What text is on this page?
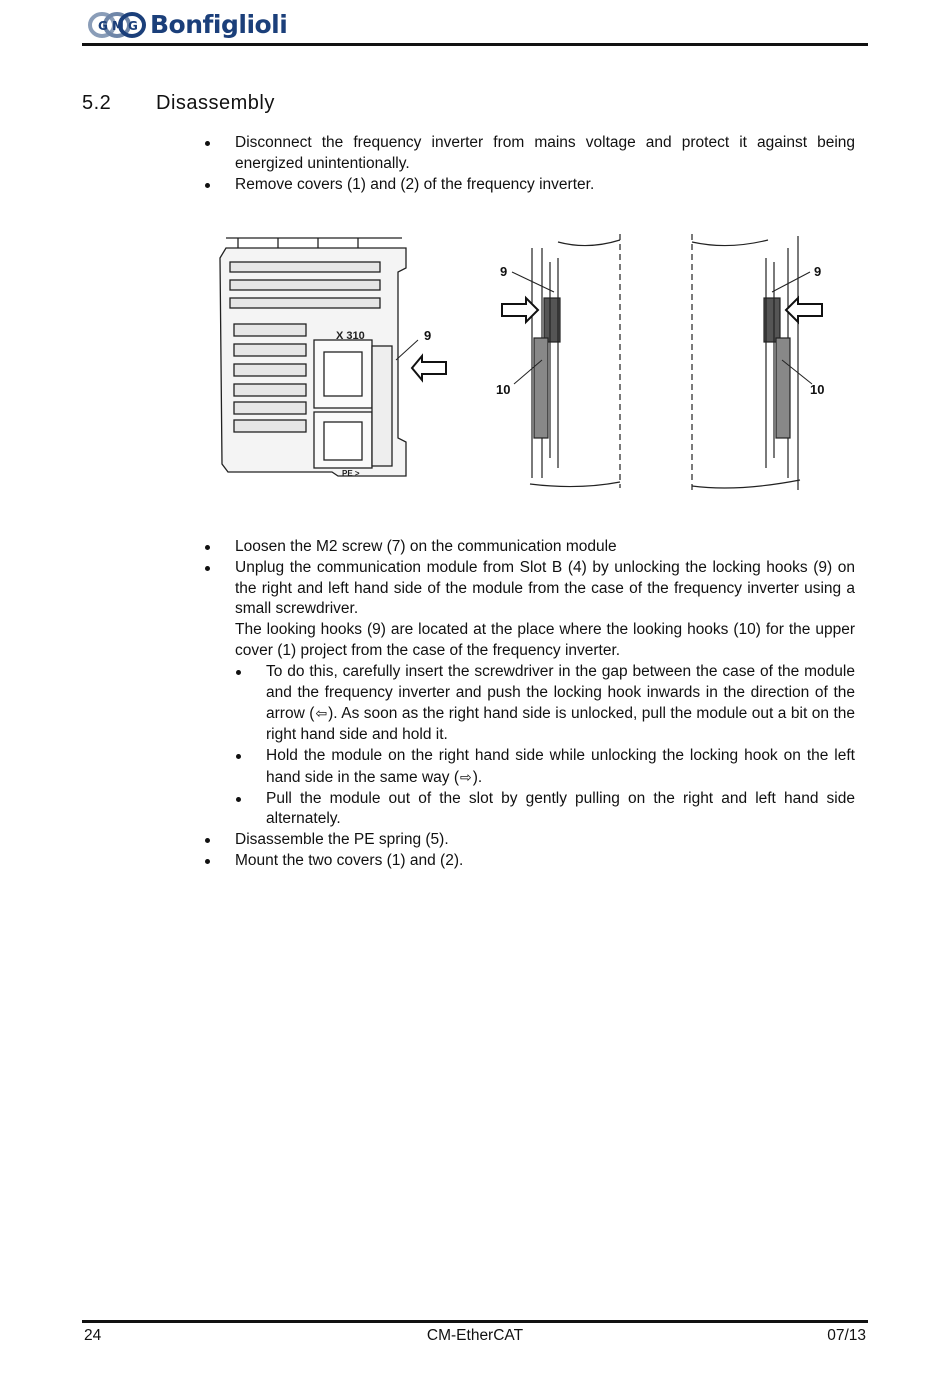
G M G Bonfiglioli
5.2 Disassembly
Disconnect the frequency inverter from mains voltage and protect it against being energized unintentionally.
Remove covers (1) and (2) of the frequency inverter.
X 310
PE >
9
9
10
9
10
Loosen the M2 screw (7) on the communication module
Unplug the communication module from Slot B (4) by unlocking the locking hooks (9) on the right and left hand side of the module from the case of the frequency inverter using a small screwdriver.
The looking hooks (9) are located at the place where the looking hooks (10) for the upper cover (1) project from the case of the frequency inverter.
To do this, carefully insert the screwdriver in the gap between the case of the module and the frequency inverter and push the locking hook inwards in the direction of the arrow (⇦). As soon as the right hand side is unlocked, pull the module out a bit on the right hand side and hold it.
Hold the module on the right hand side while unlocking the locking hook on the left hand side in the same way (⇨).
Pull the module out of the slot by gently pulling on the right and left hand side alternately.
Disassemble the PE spring (5).
Mount the two covers (1) and (2).
24	CM-EtherCAT	07/13
